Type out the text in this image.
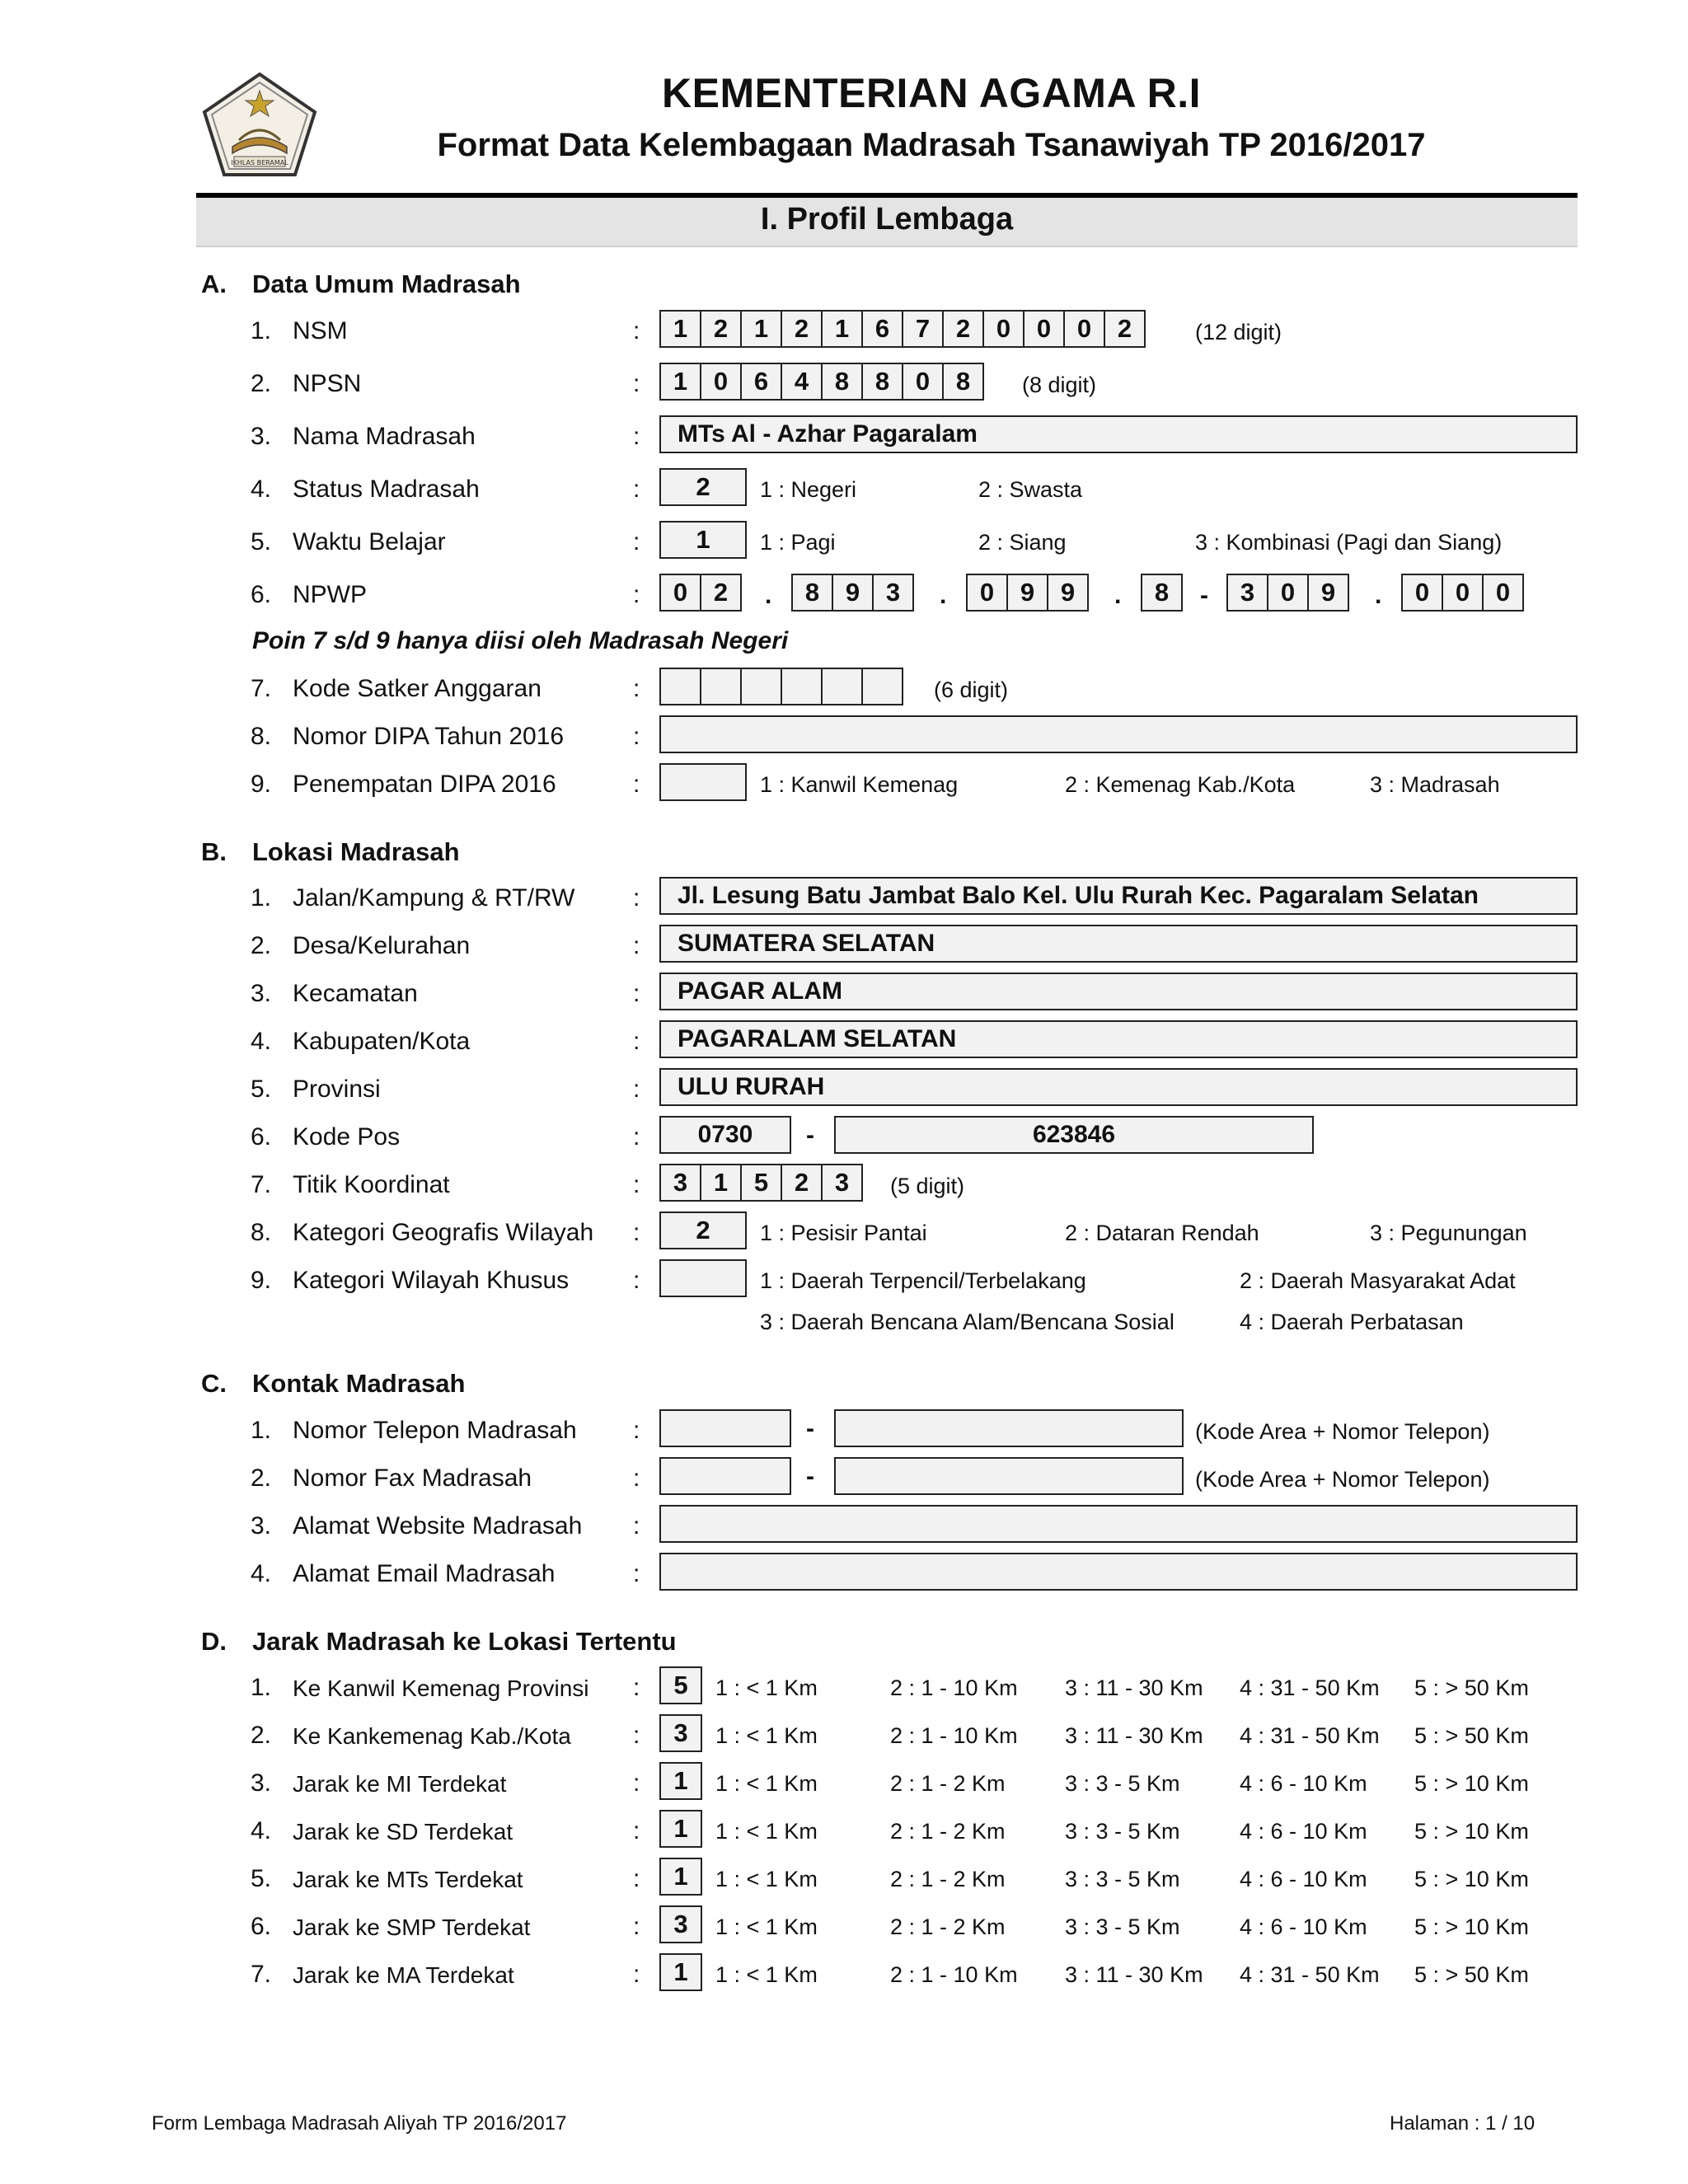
IKHLAS BERAMAL
KEMENTERIAN AGAMA R.I
Format Data Kelembagaan Madrasah Tsanawiyah TP 2016/2017
I. Profil Lembaga
A. Data Umum Madrasah
1. NSM	:	1	2	1	2	1	6	7	2	0	0	0	2	(12 digit)
2. NPSN	:	1	0	6	4	8	8	0	8	(8 digit)
3. Nama Madrasah	:	MTs Al - Azhar Pagaralam
4. Status Madrasah	:	2	1 : Negeri	2 : Swasta
5. Waktu Belajar	:	1	1 : Pagi	2 : Siang	3 : Kombinasi (Pagi dan Siang)
6. NPWP	:	0	2	.	8	9	3	.	0	9	9	.	8	-	3	0	9	.	0	0	0
Poin 7 s/d 9 hanya diisi oleh Madrasah Negeri
7. Kode Satker Anggaran	:	(6 digit)
8. Nomor DIPA Tahun 2016	:
9. Penempatan DIPA 2016	:	1 : Kanwil Kemenag	2 : Kemenag Kab./Kota	3 : Madrasah
B. Lokasi Madrasah
1. Jalan/Kampung & RT/RW :	Jl. Lesung Batu Jambat Balo Kel. Ulu Rurah Kec. Pagaralam Selatan
2. Desa/Kelurahan	:	SUMATERA SELATAN
3. Kecamatan	:	PAGAR ALAM
4. Kabupaten/Kota	:	PAGARALAM SELATAN
5. Provinsi	:	ULU RURAH
6. Kode Pos	:	0730	-	623846
7. Titik Koordinat	:	3	1	5	2	3	(5 digit)
8. Kategori Geografis Wilayah :	2	1 : Pesisir Pantai	2 : Dataran Rendah	3 : Pegunungan
9. Kategori Wilayah Khusus	:	1 : Daerah Terpencil/Terbelakang	2 : Daerah Masyarakat Adat
3 : Daerah Bencana Alam/Bencana Sosial	4 : Daerah Perbatasan
C. Kontak Madrasah
1. Nomor Telepon Madrasah :	-	(Kode Area + Nomor Telepon)
2. Nomor Fax Madrasah	:	-	(Kode Area + Nomor Telepon)
3. Alamat Website Madrasah :
4. Alamat Email Madrasah	:
D. Jarak Madrasah ke Lokasi Tertentu
1. Ke Kanwil Kemenag Provinsi :	5	1 : < 1 Km	2 : 1 - 10 Km 3 : 11 - 30 Km 4 : 31 - 50 Km 5 : > 50 Km
2. Ke Kankemenag Kab./Kota	:	3	1 : < 1 Km	2 : 1 - 10 Km 3 : 11 - 30 Km 4 : 31 - 50 Km 5 : > 50 Km
3. Jarak ke MI Terdekat	:	1	1 : < 1 Km	2 : 1 - 2 Km	3 : 3 - 5 Km	4 : 6 - 10 Km 5 : > 10 Km
4. Jarak ke SD Terdekat	:	1	1 : < 1 Km	2 : 1 - 2 Km	3 : 3 - 5 Km	4 : 6 - 10 Km 5 : > 10 Km
5. Jarak ke MTs Terdekat	:	1	1 : < 1 Km	2 : 1 - 2 Km	3 : 3 - 5 Km	4 : 6 - 10 Km 5 : > 10 Km
6. Jarak ke SMP Terdekat	:	3	1 : < 1 Km	2 : 1 - 2 Km	3 : 3 - 5 Km	4 : 6 - 10 Km 5 : > 10 Km
7. Jarak ke MA Terdekat	:	1	1 : < 1 Km	2 : 1 - 10 Km 3 : 11 - 30 Km 4 : 31 - 50 Km 5 : > 50 Km
Form Lembaga Madrasah Aliyah TP 2016/2017	Halaman : 1 / 10
